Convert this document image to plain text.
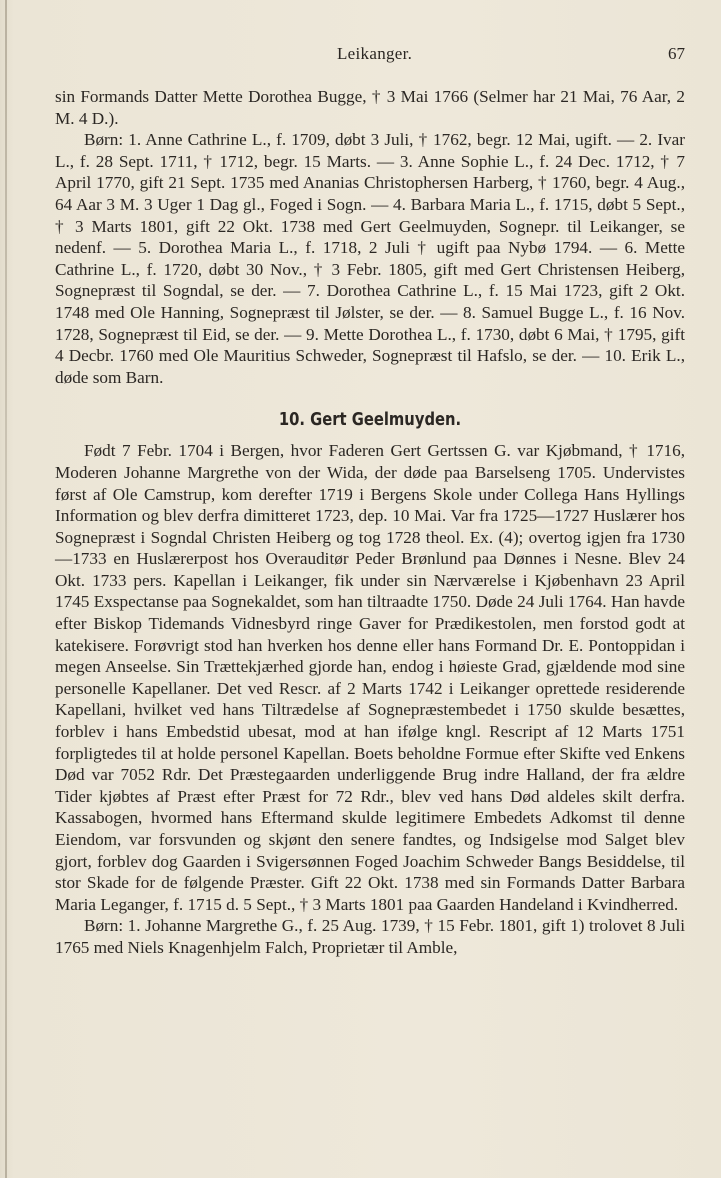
Leikanger.	67

sin Formands Datter Mette Dorothea Bugge, † 3 Mai 1766 (Selmer har 21 Mai, 76 Aar, 2 M. 4 D.).

Børn: 1. Anne Cathrine L., f. 1709, døbt 3 Juli, † 1762, begr. 12 Mai, ugift. — 2. Ivar L., f. 28 Sept. 1711, † 1712, begr. 15 Marts. — 3. Anne Sophie L., f. 24 Dec. 1712, † 7 April 1770, gift 21 Sept. 1735 med Ananias Christophersen Harberg, † 1760, begr. 4 Aug., 64 Aar 3 M. 3 Uger 1 Dag gl., Foged i Sogn. — 4. Barbara Maria L., f. 1715, døbt 5 Sept., † 3 Marts 1801, gift 22 Okt. 1738 med Gert Geelmuyden, Sognepr. til Leikanger, se nedenf. — 5. Dorothea Maria L., f. 1718, 2 Juli † ugift paa Nybø 1794. — 6. Mette Cathrine L., f. 1720, døbt 30 Nov., † 3 Febr. 1805, gift med Gert Christensen Heiberg, Sognepræst til Sogndal, se der. — 7. Dorothea Cathrine L., f. 15 Mai 1723, gift 2 Okt. 1748 med Ole Hanning, Sognepræst til Jølster, se der. — 8. Samuel Bugge L., f. 16 Nov. 1728, Sognepræst til Eid, se der. — 9. Mette Dorothea L., f. 1730, døbt 6 Mai, † 1795, gift 4 Decbr. 1760 med Ole Mauritius Schweder, Sognepræst til Hafslo, se der. — 10. Erik L., døde som Barn.

10. Gert Geelmuyden.

Født 7 Febr. 1704 i Bergen, hvor Faderen Gert Gertssen G. var Kjøbmand, † 1716, Moderen Johanne Margrethe von der Wida, der døde paa Barselseng 1705. Undervistes først af Ole Camstrup, kom derefter 1719 i Bergens Skole under Collega Hans Hyllings Information og blev derfra dimitteret 1723, dep. 10 Mai. Var fra 1725—1727 Huslærer hos Sognepræst i Sogndal Christen Heiberg og tog 1728 theol. Ex. (4); overtog igjen fra 1730—1733 en Huslærerpost hos Overauditør Peder Brønlund paa Dønnes i Nesne. Blev 24 Okt. 1733 pers. Kapellan i Leikanger, fik under sin Nærværelse i Kjøbenhavn 23 April 1745 Exspectanse paa Sognekaldet, som han tiltraadte 1750. Døde 24 Juli 1764. Han havde efter Biskop Tidemands Vidnesbyrd ringe Gaver for Prædikestolen, men forstod godt at katekisere. Forøvrigt stod han hverken hos denne eller hans Formand Dr. E. Pontoppidan i megen Anseelse. Sin Trættekjærhed gjorde han, endog i høieste Grad, gjældende mod sine personelle Kapellaner. Det ved Rescr. af 2 Marts 1742 i Leikanger oprettede residerende Kapellani, hvilket ved hans Tiltrædelse af Sognepræstembedet i 1750 skulde besættes, forblev i hans Embedstid ubesat, mod at han ifølge kngl. Rescript af 12 Marts 1751 forpligtedes til at holde personel Kapellan. Boets beholdne Formue efter Skifte ved Enkens Død var 7052 Rdr. Det Præstegaarden underliggende Brug indre Halland, der fra ældre Tider kjøbtes af Præst efter Præst for 72 Rdr., blev ved hans Død aldeles skilt derfra. Kassabogen, hvormed hans Eftermand skulde legitimere Embedets Adkomst til denne Eiendom, var forsvunden og skjønt den senere fandtes, og Indsigelse mod Salget blev gjort, forblev dog Gaarden i Svigersønnen Foged Joachim Schweder Bangs Besiddelse, til stor Skade for de følgende Præster. Gift 22 Okt. 1738 med sin Formands Datter Barbara Maria Leganger, f. 1715 d. 5 Sept., † 3 Marts 1801 paa Gaarden Handeland i Kvindherred.

Børn: 1. Johanne Margrethe G., f. 25 Aug. 1739, † 15 Febr. 1801, gift 1) trolovet 8 Juli 1765 med Niels Knagenhjelm Falch, Proprietær til Amble,
